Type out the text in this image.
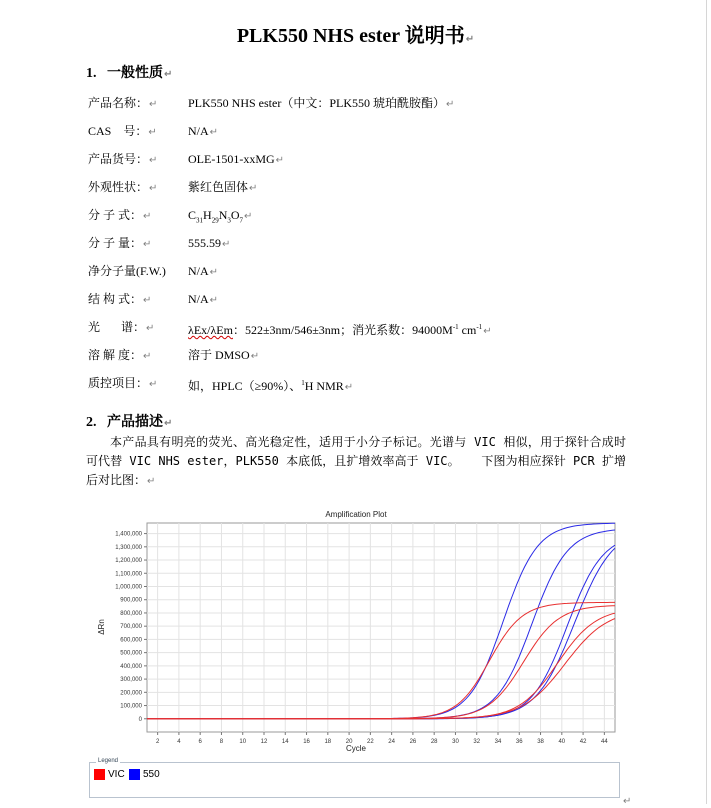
PLK550 NHS ester 说明书↵
1.   一般性质↵
产品名称：↵	PLK550 NHS ester（中文：PLK550 琥珀酰胺酯）↵
CAS    号：↵	N/A↵
产品货号：↵	OLE-1501-xxMG↵
外观性状：↵	紫红色固体↵
分 子 式：↵	$C_{31}H_{29}N_3O_7↵$
分 子 量：↵	555.59↵
净分子量(F.W.)	N/A↵
结 构 式：↵	N/A↵
光       谱：↵	λEx/λEm：522±3nm/546±3nm；消光系数：$94000M^{-1}$ $cm^{-1}↵$
溶 解 度：↵	溶于 DMSO↵
质控项目：↵	如，HPLC（≥90%）、$^1$H NMR↵
2.   产品描述↵
本产品具有明亮的荧光、高光稳定性，适用于小分子标记。光谱与 VIC 相似，用于探针合成时可代替 VIC NHS ester，PLK550 本底低，且扩增效率高于 VIC。   下图为相应探针 PCR 扩增后对比图：↵
Amplification Plot
0
100,000
200,000
300,000
400,000
500,000
600,000
700,000
800,000
900,000
1,000,000
1,100,000
1,200,000
1,300,000
1,400,000
2	4	6	8	10 12 14 16 18 20 22 24 26 28 30 32 34 36 38 40 42 44
Cycle
ΔRn
Legend
VIC 550
↵
